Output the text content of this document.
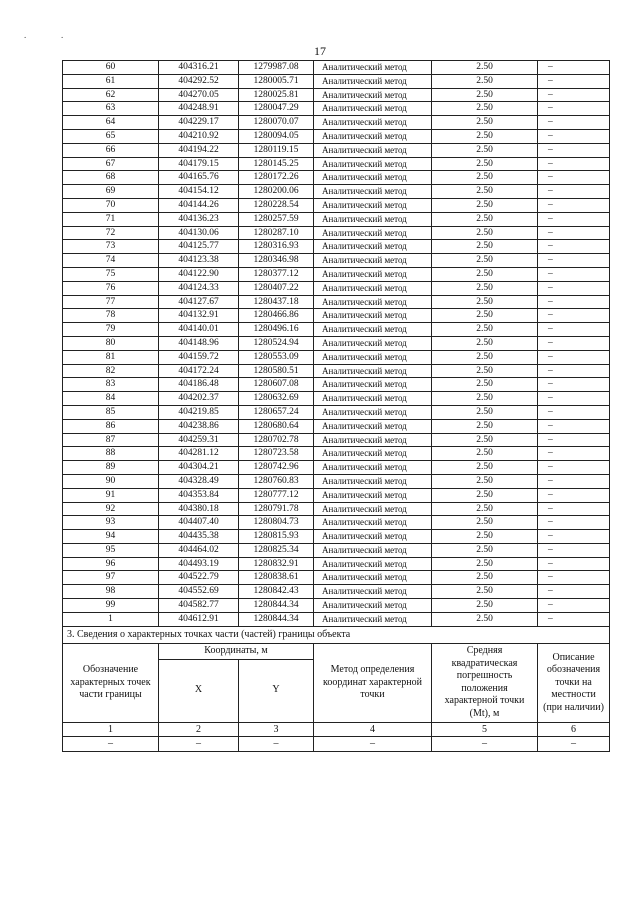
17
.	.
60	404316.21	1279987.08	Аналитический метод	2.50	–
61	404292.52	1280005.71	Аналитический метод	2.50	–
62	404270.05	1280025.81	Аналитический метод	2.50	–
63	404248.91	1280047.29	Аналитический метод	2.50	–
64	404229.17	1280070.07	Аналитический метод	2.50	–
65	404210.92	1280094.05	Аналитический метод	2.50	–
66	404194.22	1280119.15	Аналитический метод	2.50	–
67	404179.15	1280145.25	Аналитический метод	2.50	–
68	404165.76	1280172.26	Аналитический метод	2.50	–
69	404154.12	1280200.06	Аналитический метод	2.50	–
70	404144.26	1280228.54	Аналитический метод	2.50	–
71	404136.23	1280257.59	Аналитический метод	2.50	–
72	404130.06	1280287.10	Аналитический метод	2.50	–
73	404125.77	1280316.93	Аналитический метод	2.50	–
74	404123.38	1280346.98	Аналитический метод	2.50	–
75	404122.90	1280377.12	Аналитический метод	2.50	–
76	404124.33	1280407.22	Аналитический метод	2.50	–
77	404127.67	1280437.18	Аналитический метод	2.50	–
78	404132.91	1280466.86	Аналитический метод	2.50	–
79	404140.01	1280496.16	Аналитический метод	2.50	–
80	404148.96	1280524.94	Аналитический метод	2.50	–
81	404159.72	1280553.09	Аналитический метод	2.50	–
82	404172.24	1280580.51	Аналитический метод	2.50	–
83	404186.48	1280607.08	Аналитический метод	2.50	–
84	404202.37	1280632.69	Аналитический метод	2.50	–
85	404219.85	1280657.24	Аналитический метод	2.50	–
86	404238.86	1280680.64	Аналитический метод	2.50	–
87	404259.31	1280702.78	Аналитический метод	2.50	–
88	404281.12	1280723.58	Аналитический метод	2.50	–
89	404304.21	1280742.96	Аналитический метод	2.50	–
90	404328.49	1280760.83	Аналитический метод	2.50	–
91	404353.84	1280777.12	Аналитический метод	2.50	–
92	404380.18	1280791.78	Аналитический метод	2.50	–
93	404407.40	1280804.73	Аналитический метод	2.50	–
94	404435.38	1280815.93	Аналитический метод	2.50	–
95	404464.02	1280825.34	Аналитический метод	2.50	–
96	404493.19	1280832.91	Аналитический метод	2.50	–
97	404522.79	1280838.61	Аналитический метод	2.50	–
98	404552.69	1280842.43	Аналитический метод	2.50	–
99	404582.77	1280844.34	Аналитический метод	2.50	–
1	404612.91	1280844.34	Аналитический метод	2.50	–
3. Сведения о характерных точках части (частей) границы объекта					
Обозначение характерных точек части границы	Координаты, м		Метод определения координат характерной точки	Средняя квадратическая погрешность положения характерной точки (Mt), м	Описание обозначения точки на местности (при наличии)
	X	Y			
1	2	3	4	5	6
–	–	–	–	–	–
